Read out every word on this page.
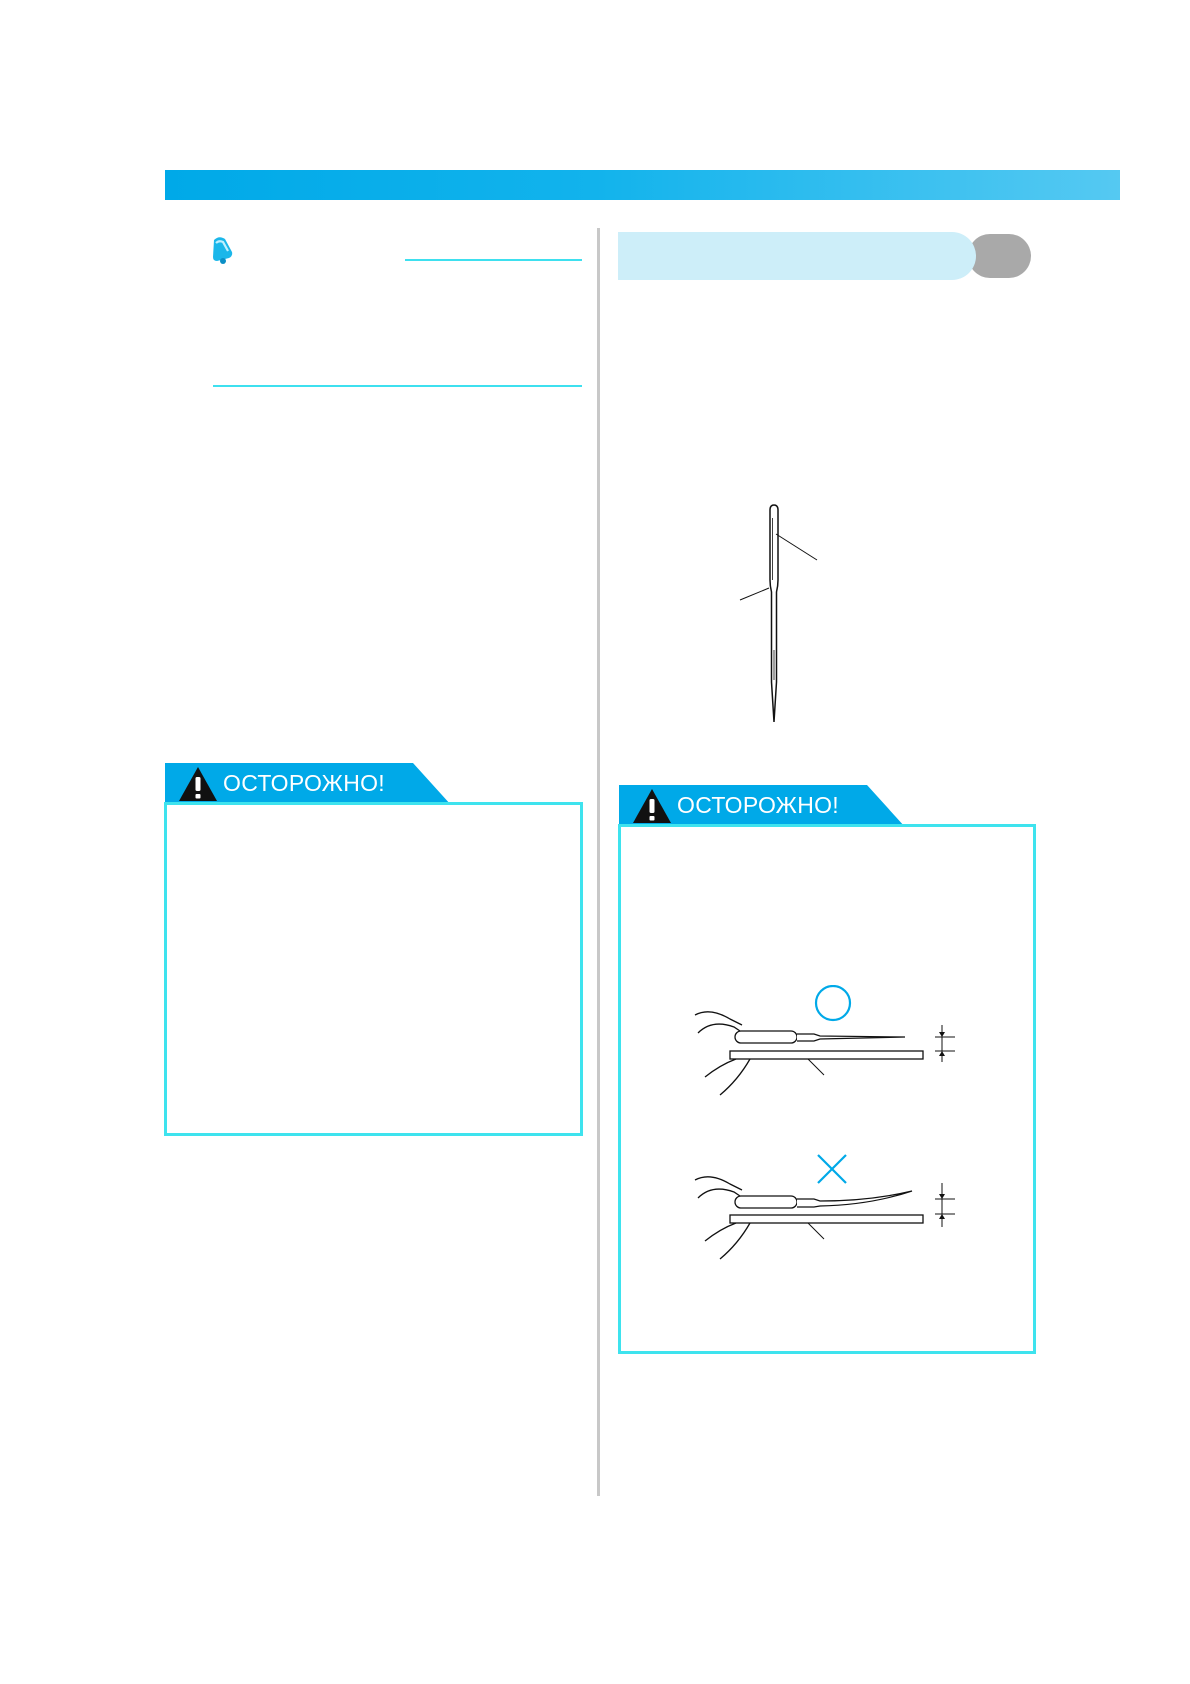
ОСТОРОЖНО!
ОСТОРОЖНО!
